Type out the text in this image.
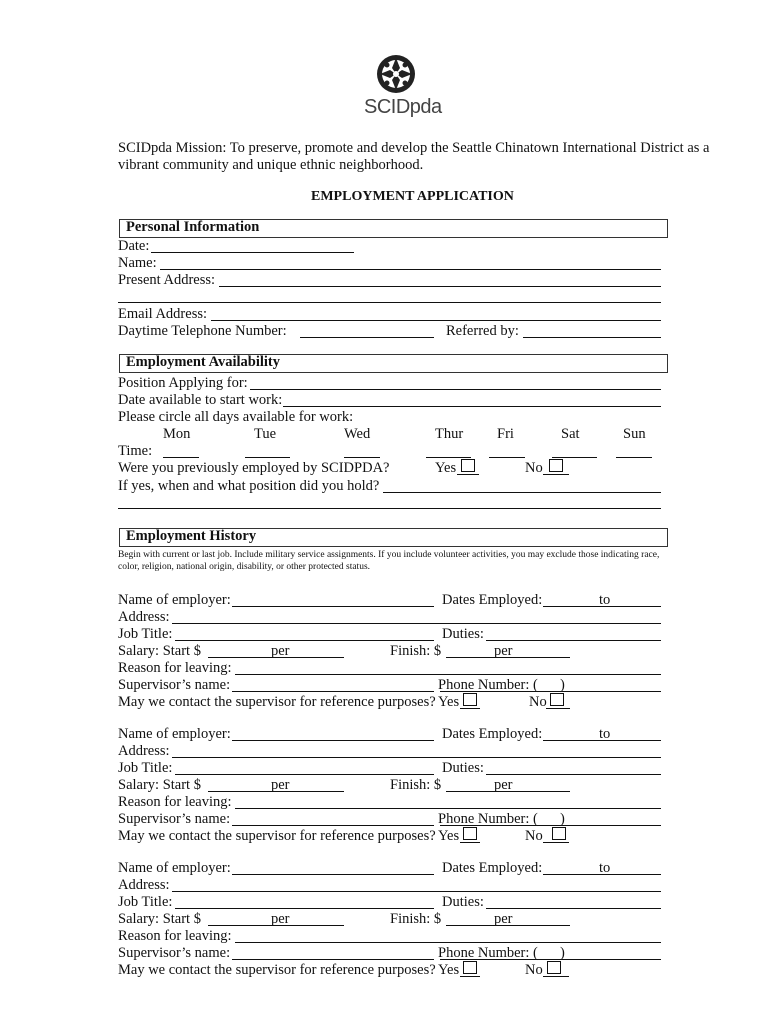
SCIDpda
SCIDpda Mission: To preserve, promote and develop the Seattle Chinatown International District as a
vibrant community and unique ethnic neighborhood.
EMPLOYMENT APPLICATION
Personal Information
Date:
Name:
Present Address:
Email Address:
Daytime Telephone Number:	Referred by:
Employment Availability
Position Applying for:
Date available to start work:
Please circle all days available for work:
Mon	Tue	Wed	Thur Fri	Sat	Sun
Time:
Were you previously employed by SCIDPDA?	Yes	No
If yes, when and what position did you hold?
Employment History
Begin with current or last job. Include military service assignments. If you include volunteer activities, you may exclude those indicating race, color, religion, national origin, disability, or other protected status.
Name of employer:	Dates Employed:	to
Address:
Job Title:	Duties:
Salary: Start $	per	Finish: $	per
Reason for leaving:
Supervisor’s name:	Phone Number: ( )
May we contact the supervisor for reference purposes? Yes	No
Name of employer:	Dates Employed:	to
Address:
Job Title:	Duties:
Salary: Start $	per	Finish: $	per
Reason for leaving:
Supervisor’s name:	Phone Number: ( )
May we contact the supervisor for reference purposes? Yes	No
Name of employer:	Dates Employed:	to
Address:
Job Title:	Duties:
Salary: Start $	per	Finish: $	per
Reason for leaving:
Supervisor’s name:	Phone Number: ( )
May we contact the supervisor for reference purposes? Yes	No
